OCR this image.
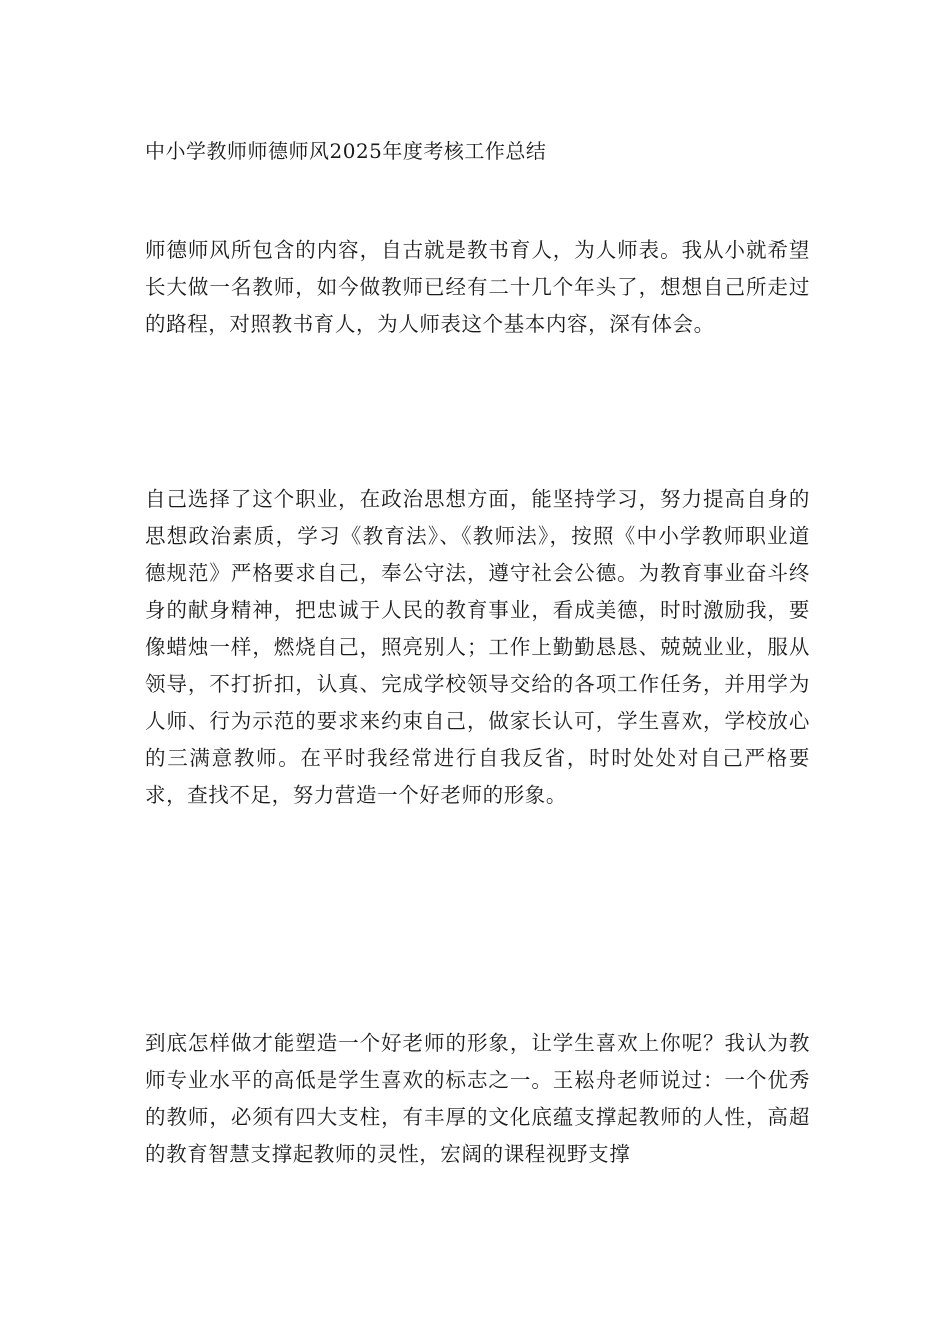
中小学教师师德师风2025年度考核工作总结

师德师风所包含的内容，自古就是教书育人，为人师表。我从小就希望长大做一名教师，如今做教师已经有二十几个年头了，想想自己所走过的路程，对照教书育人，为人师表这个基本内容，深有体会。

自己选择了这个职业，在政治思想方面，能坚持学习，努力提高自身的思想政治素质，学习《教育法》、《教师法》，按照《中小学教师职业道德规范》严格要求自己，奉公守法，遵守社会公德。为教育事业奋斗终身的献身精神，把忠诚于人民的教育事业，看成美德，时时激励我，要像蜡烛一样，燃烧自己，照亮别人；工作上勤勤恳恳、兢兢业业，服从领导，不打折扣，认真、完成学校领导交给的各项工作任务，并用学为人师、行为示范的要求来约束自己，做家长认可，学生喜欢，学校放心的三满意教师。在平时我经常进行自我反省，时时处处对自己严格要求，查找不足，努力营造一个好老师的形象。

到底怎样做才能塑造一个好老师的形象，让学生喜欢上你呢？我认为教师专业水平的高低是学生喜欢的标志之一。王崧舟老师说过：一个优秀的教师，必须有四大支柱，有丰厚的文化底蕴支撑起教师的人性，高超的教育智慧支撑起教师的灵性，宏阔的课程视野支撑
